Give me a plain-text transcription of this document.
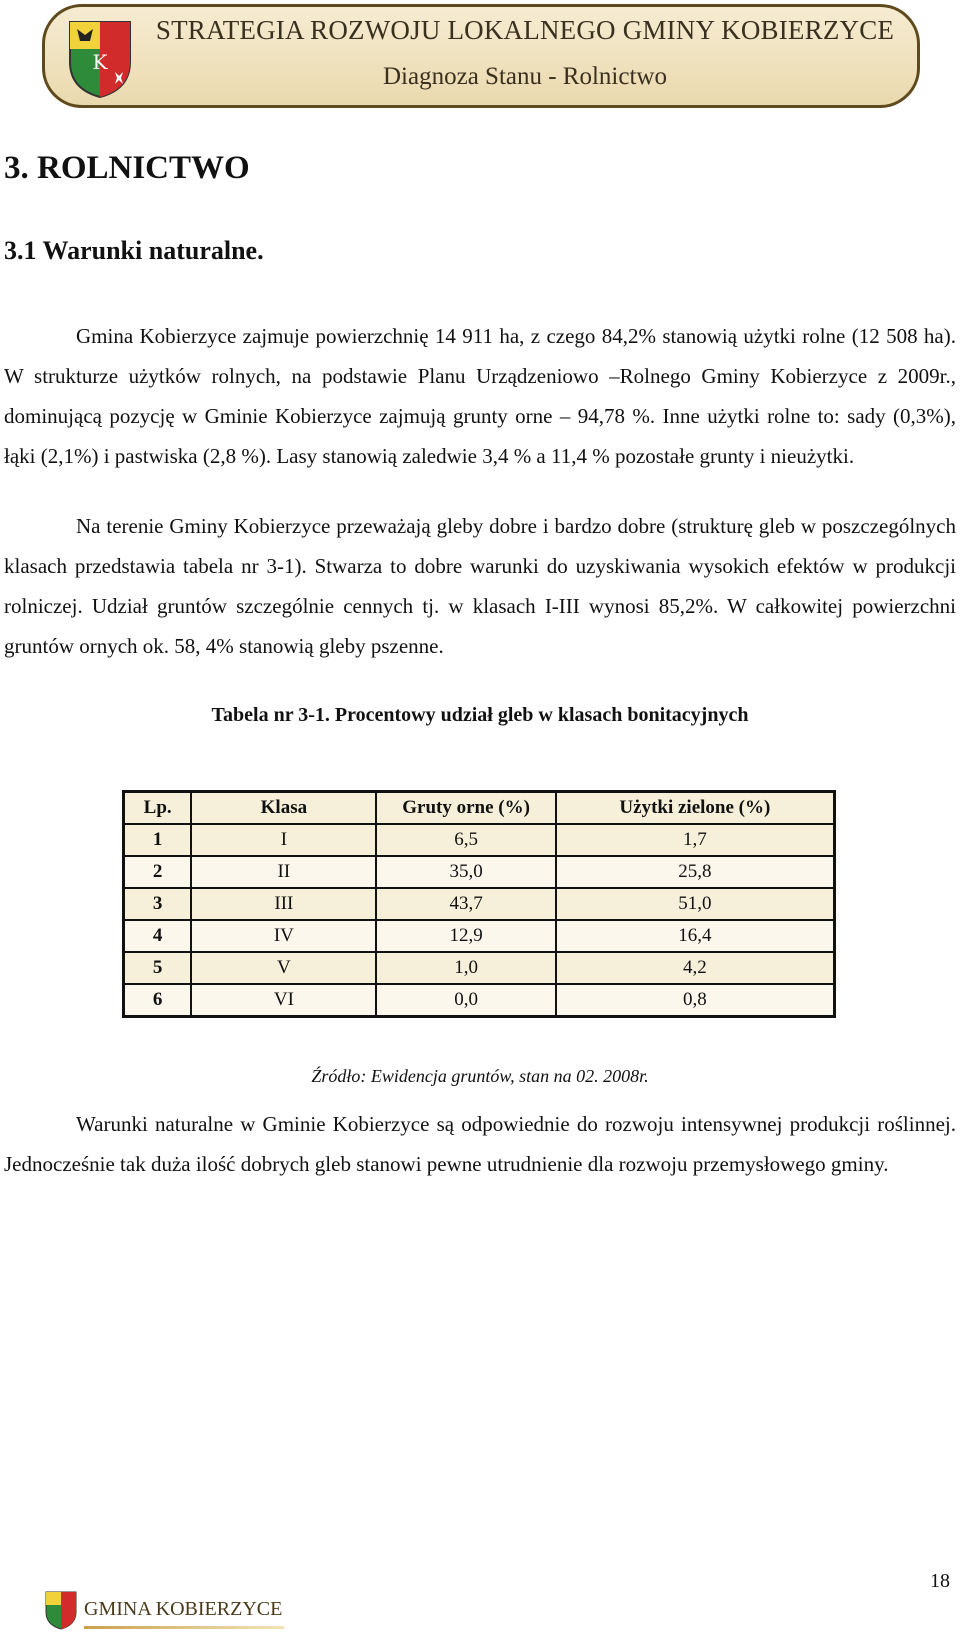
K
STRATEGIA ROZWOJU LOKALNEGO GMINY KOBIERZYCE
Diagnoza Stanu - Rolnictwo
3. ROLNICTWO
3.1 Warunki naturalne.

Gmina Kobierzyce zajmuje powierzchnię 14 911 ha, z czego 84,2% stanowią użytki rolne (12 508 ha). W strukturze użytków rolnych, na podstawie Planu Urządzeniowo –Rolnego Gminy Kobierzyce z 2009r., dominującą pozycję w Gminie Kobierzyce zajmują grunty orne – 94,78 %. Inne użytki rolne to: sady (0,3%), łąki (2,1%) i pastwiska (2,8 %). Lasy stanowią zaledwie 3,4 % a 11,4 % pozostałe grunty i nieużytki.

Na terenie Gminy Kobierzyce przeważają gleby dobre i bardzo dobre (strukturę gleb w poszczególnych klasach przedstawia tabela nr 3-1). Stwarza to dobre warunki do uzyskiwania wysokich efektów w produkcji rolniczej. Udział gruntów szczególnie cennych tj. w klasach I-III wynosi 85,2%. W całkowitej powierzchni gruntów ornych ok. 58, 4% stanowią gleby pszenne.

Tabela nr 3-1. Procentowy udział gleb w klasach bonitacyjnych
Lp.	Klasa	Gruty orne (%)	Użytki zielone (%)
1	I	6,5	1,7
2	II	35,0	25,8
3	III	43,7	51,0
4	IV	12,9	16,4
5	V	1,0	4,2
6	VI	0,0	0,8
Źródło: Ewidencja gruntów, stan na 02. 2008r.

Warunki naturalne w Gminie Kobierzyce są odpowiednie do rozwoju intensywnej produkcji roślinnej. Jednocześnie tak duża ilość dobrych gleb stanowi pewne utrudnienie dla rozwoju przemysłowego gminy.

18
GMINA KOBIERZYCE
